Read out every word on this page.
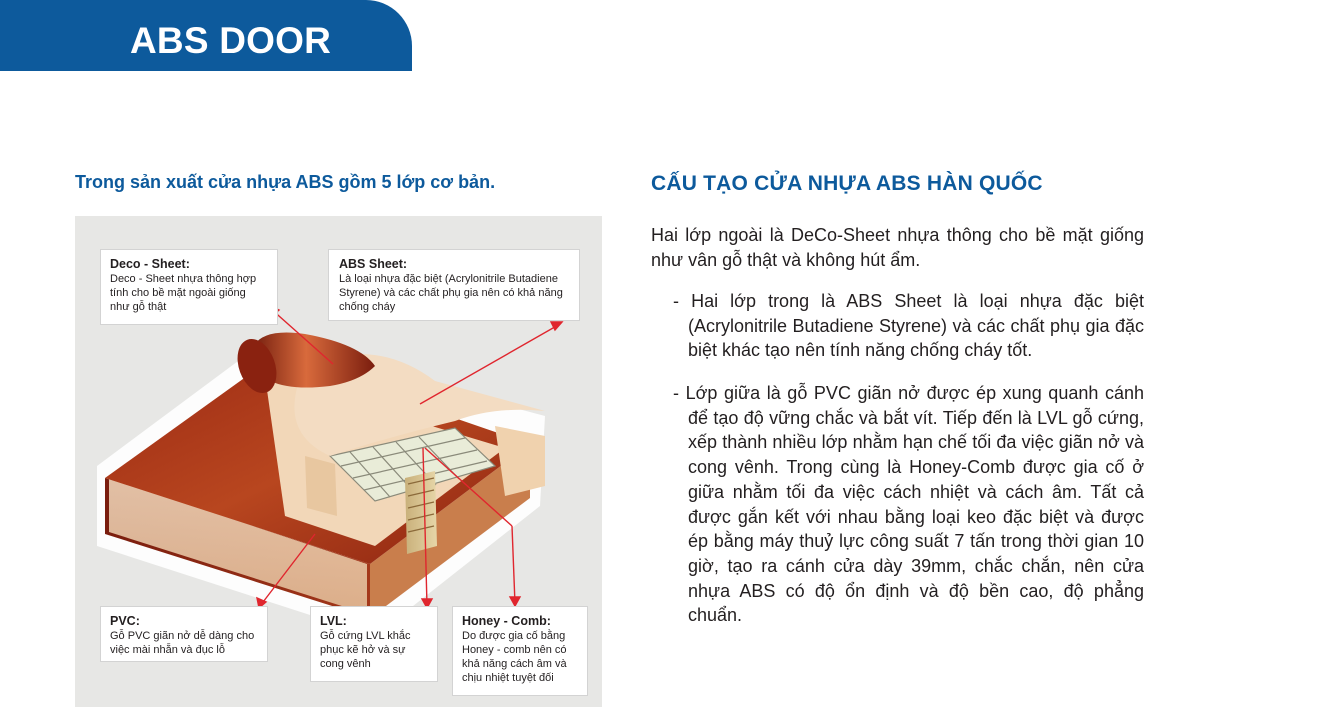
ABS DOOR
Trong sản xuất cửa nhựa ABS gồm 5 lớp cơ bản.
Deco - Sheet:
Deco - Sheet nhựa thông hợp tính cho bề mặt ngoài giống như gỗ thật
ABS Sheet:
Là loại nhựa đặc biệt (Acrylonitrile Butadiene Styrene) và các chất phụ gia nên có khả năng chống cháy
PVC:
Gỗ PVC giãn nở dễ dàng cho việc mài nhẵn và đục lỗ
LVL:
Gỗ cứng LVL khắc phục kẽ hở và sự cong vênh
Honey - Comb:
Do được gia cố bằng Honey - comb nên có khả năng cách âm và chịu nhiệt tuyệt đối
CẤU TẠO CỬA NHỰA ABS HÀN QUỐC

Hai lớp ngoài là DeCo-Sheet nhựa thông cho bề mặt giống như vân gỗ thật và không hút ẩm.

- Hai lớp trong là ABS Sheet là loại nhựa đặc biệt (Acrylonitrile Butadiene Styrene) và các chất phụ gia đặc biệt khác tạo nên tính năng chống cháy tốt.

- Lớp giữa là gỗ PVC giãn nở được ép xung quanh cánh để tạo độ vững chắc và bắt vít. Tiếp đến là LVL gỗ cứng, xếp thành nhiều lớp nhằm hạn chế tối đa việc giãn nở và cong vênh. Trong cùng là Honey-Comb được gia cố ở giữa nhằm tối đa việc cách nhiệt và cách âm. Tất cả được gắn kết với nhau bằng loại keo đặc biệt và được ép bằng máy thuỷ lực công suất 7 tấn trong thời gian 10 giờ, tạo ra cánh cửa dày 39mm, chắc chắn, nên cửa nhựa ABS có độ ổn định và độ bền cao, độ phẳng chuẩn.
